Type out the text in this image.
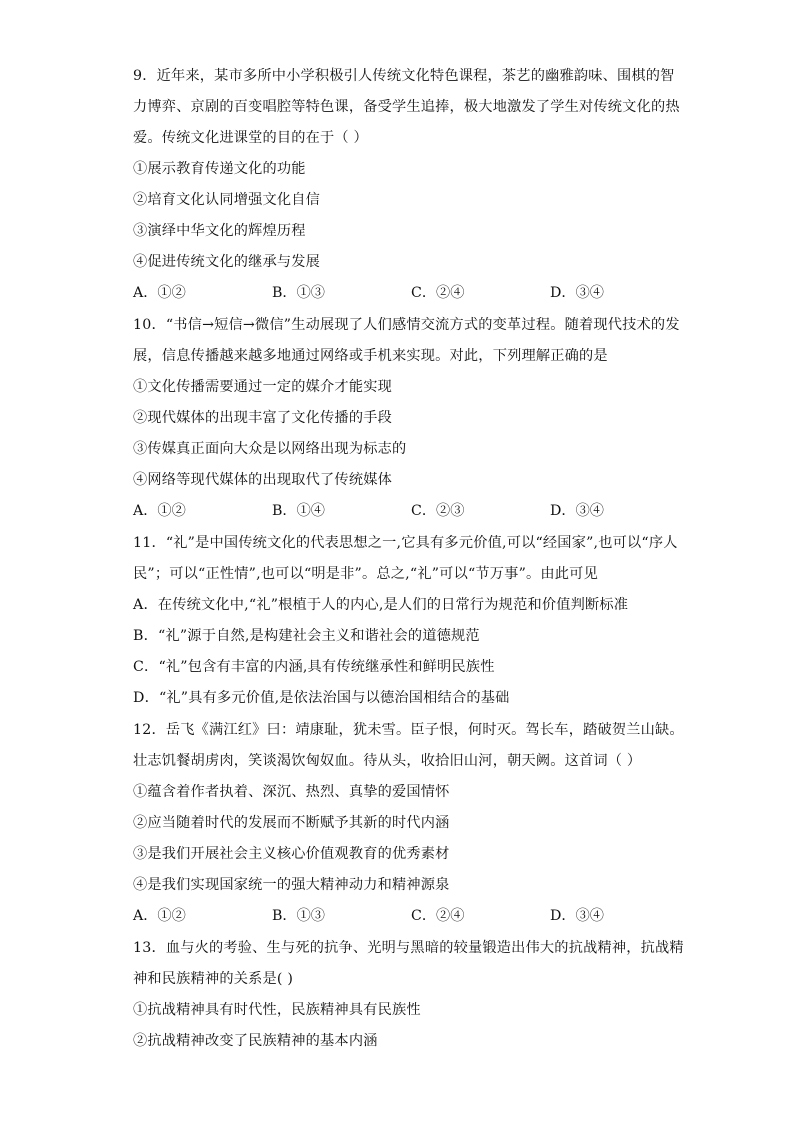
9．近年来，某市多所中小学积极引人传统文化特色课程，茶艺的幽雅韵味、围棋的智
力博弈、京剧的百变唱腔等特色课，备受学生追捧，极大地激发了学生对传统文化的热
爱。传统文化进课堂的目的在于（ ）
①展示教育传递文化的功能
②培育文化认同增强文化自信
③演绎中华文化的辉煌历程
④促进传统文化的继承与发展
A．①②	B．①③	C．②④	D．③④
10．“书信→短信→微信”生动展现了人们感情交流方式的变革过程。随着现代技术的发
展，信息传播越来越多地通过网络或手机来实现。对此，下列理解正确的是
①文化传播需要通过一定的媒介才能实现
②现代媒体的出现丰富了文化传播的手段
③传媒真正面向大众是以网络出现为标志的
④网络等现代媒体的出现取代了传统媒体
A．①②	B．①④	C．②③	D．③④
11．“礼”是中国传统文化的代表思想之一,它具有多元价值,可以“经国家”,也可以“序人
民”；可以“正性情”,也可以“明是非”。总之,“礼”可以“节万事”。由此可见
A．在传统文化中,“礼”根植于人的内心,是人们的日常行为规范和价值判断标准
B．“礼”源于自然,是构建社会主义和谐社会的道德规范
C．“礼”包含有丰富的内涵,具有传统继承性和鲜明民族性
D．“礼”具有多元价值,是依法治国与以德治国相结合的基础
12．岳飞《满江红》曰：靖康耻，犹未雪。臣子恨，何时灭。驾长车，踏破贺兰山缺。
壮志饥餐胡虏肉，笑谈渴饮匈奴血。待从头，收拾旧山河，朝天阙。这首词（ ）
①蕴含着作者执着、深沉、热烈、真挚的爱国情怀
②应当随着时代的发展而不断赋予其新的时代内涵
③是我们开展社会主义核心价值观教育的优秀素材
④是我们实现国家统一的强大精神动力和精神源泉
A．①②	B．①③	C．②④	D．③④
13．血与火的考验、生与死的抗争、光明与黑暗的较量锻造出伟大的抗战精神，抗战精
神和民族精神的关系是( )
①抗战精神具有时代性，民族精神具有民族性
②抗战精神改变了民族精神的基本内涵
